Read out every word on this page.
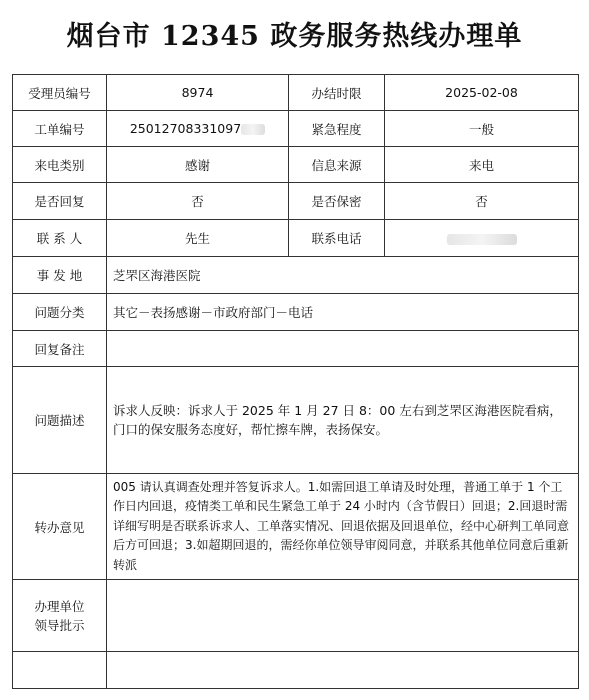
烟台市 12345 政务服务热线办理单
受理员编号	8974	办结时限	2025-02-08
工单编号	25012708331097	紧急程度	一般
来电类别	感谢	信息来源	来电
是否回复	否	是否保密	否
联 系 人	先生	联系电话	
事 发 地	芝罘区海港医院		
问题分类	其它－表扬感谢－市政府部门－电话		
回复备注			
问题描述	诉求人反映：诉求人于 2025 年 1 月 27 日 8：00 左右到芝罘区海港医院看病，门口的保安服务态度好，帮忙擦车牌，表扬保安。		
转办意见	005 请认真调查处理并答复诉求人。1.如需回退工单请及时处理，普通工单于 1 个工作日内回退，疫情类工单和民生紧急工单于 24 小时内（含节假日）回退；2.回退时需详细写明是否联系诉求人、工单落实情况、回退依据及回退单位，经中心研判工单同意后方可回退；3.如超期回退的，需经你单位领导审阅同意，并联系其他单位同意后重新转派		

办理单位
领导批示			
